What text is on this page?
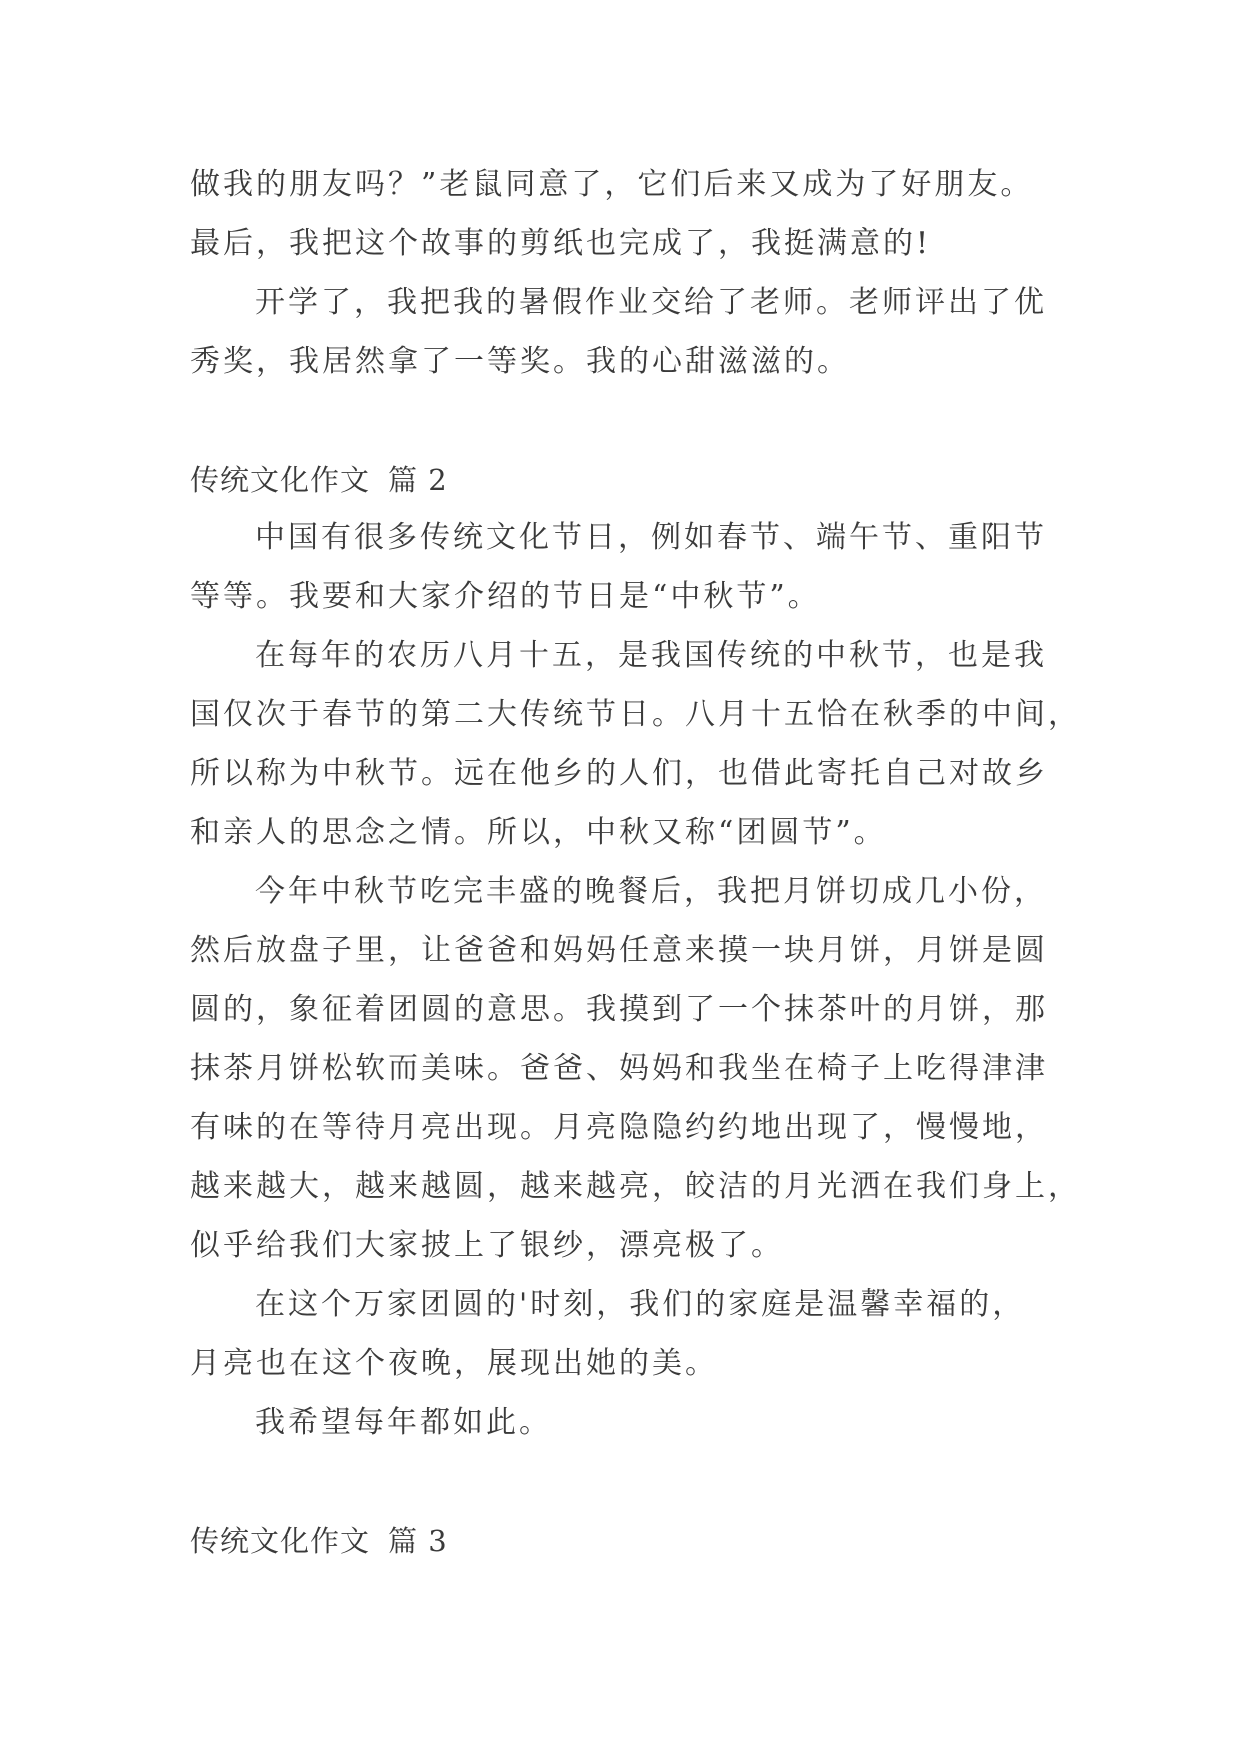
做我的朋友吗？”老鼠同意了，它们后来又成为了好朋友。
最后，我把这个故事的剪纸也完成了，我挺满意的!
开学了，我把我的暑假作业交给了老师。老师评出了优
秀奖，我居然拿了一等奖。我的心甜滋滋的。
传统文化作文 篇 2
中国有很多传统文化节日，例如春节、端午节、重阳节
等等。我要和大家介绍的节日是“中秋节”。
在每年的农历八月十五，是我国传统的中秋节，也是我
国仅次于春节的第二大传统节日。八月十五恰在秋季的中间，
所以称为中秋节。远在他乡的人们，也借此寄托自己对故乡
和亲人的思念之情。所以，中秋又称“团圆节”。
今年中秋节吃完丰盛的晚餐后，我把月饼切成几小份，
然后放盘子里，让爸爸和妈妈任意来摸一块月饼，月饼是圆
圆的，象征着团圆的意思。我摸到了一个抹茶叶的月饼，那
抹茶月饼松软而美味。爸爸、妈妈和我坐在椅子上吃得津津
有味的在等待月亮出现。月亮隐隐约约地出现了，慢慢地，
越来越大，越来越圆，越来越亮，皎洁的月光洒在我们身上，
似乎给我们大家披上了银纱，漂亮极了。
在这个万家团圆的'时刻，我们的家庭是温馨幸福的，
月亮也在这个夜晚，展现出她的美。
我希望每年都如此。
传统文化作文 篇 3
